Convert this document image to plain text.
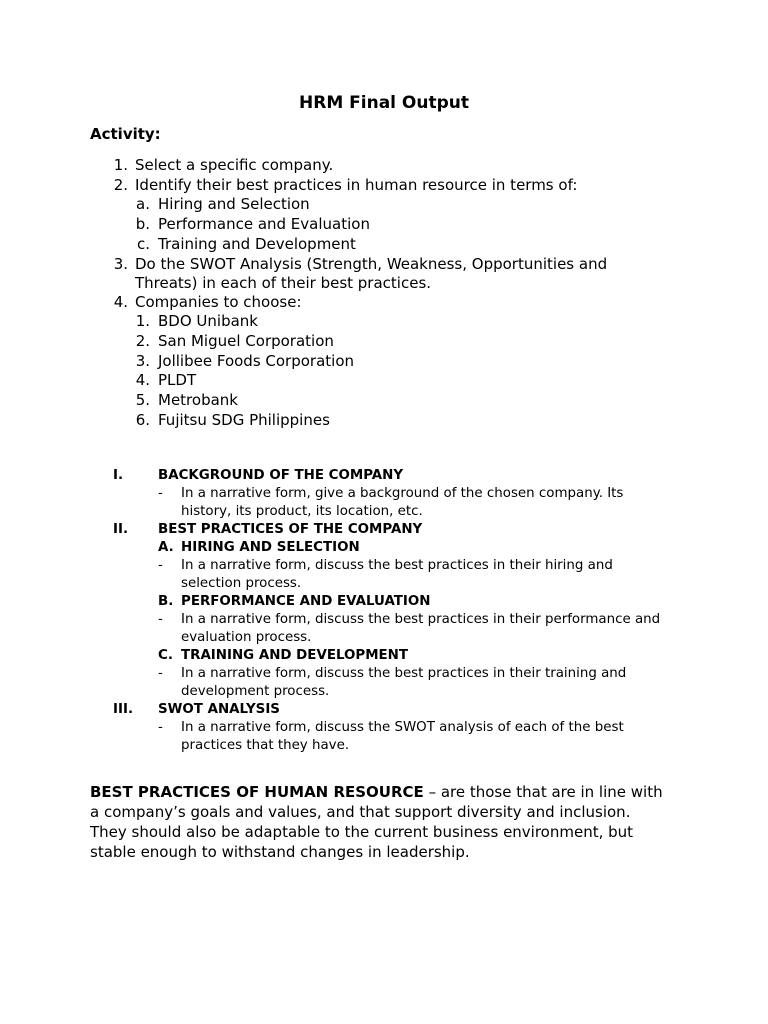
HRM Final Output
Activity:
1. Select a specific company.
2. Identify their best practices in human resource in terms of:
a. Hiring and Selection
b. Performance and Evaluation
c. Training and Development
3. Do the SWOT Analysis (Strength, Weakness, Opportunities and
Threats) in each of their best practices.
4. Companies to choose:
1. BDO Unibank
2. San Miguel Corporation
3. Jollibee Foods Corporation
4. PLDT
5. Metrobank
6. Fujitsu SDG Philippines
I.	BACKGROUND OF THE COMPANY
- In a narrative form, give a background of the chosen company. Its
history, its product, its location, etc.
II. BEST PRACTICES OF THE COMPANY
A. HIRING AND SELECTION
- In a narrative form, discuss the best practices in their hiring and
selection process.
B. PERFORMANCE AND EVALUATION
- In a narrative form, discuss the best practices in their performance and
evaluation process.
C. TRAINING AND DEVELOPMENT
- In a narrative form, discuss the best practices in their training and
development process.
III. SWOT ANALYSIS
- In a narrative form, discuss the SWOT analysis of each of the best
practices that they have.
BEST PRACTICES OF HUMAN RESOURCE – are those that are in line with
a company’s goals and values, and that support diversity and inclusion.
They should also be adaptable to the current business environment, but
stable enough to withstand changes in leadership.
